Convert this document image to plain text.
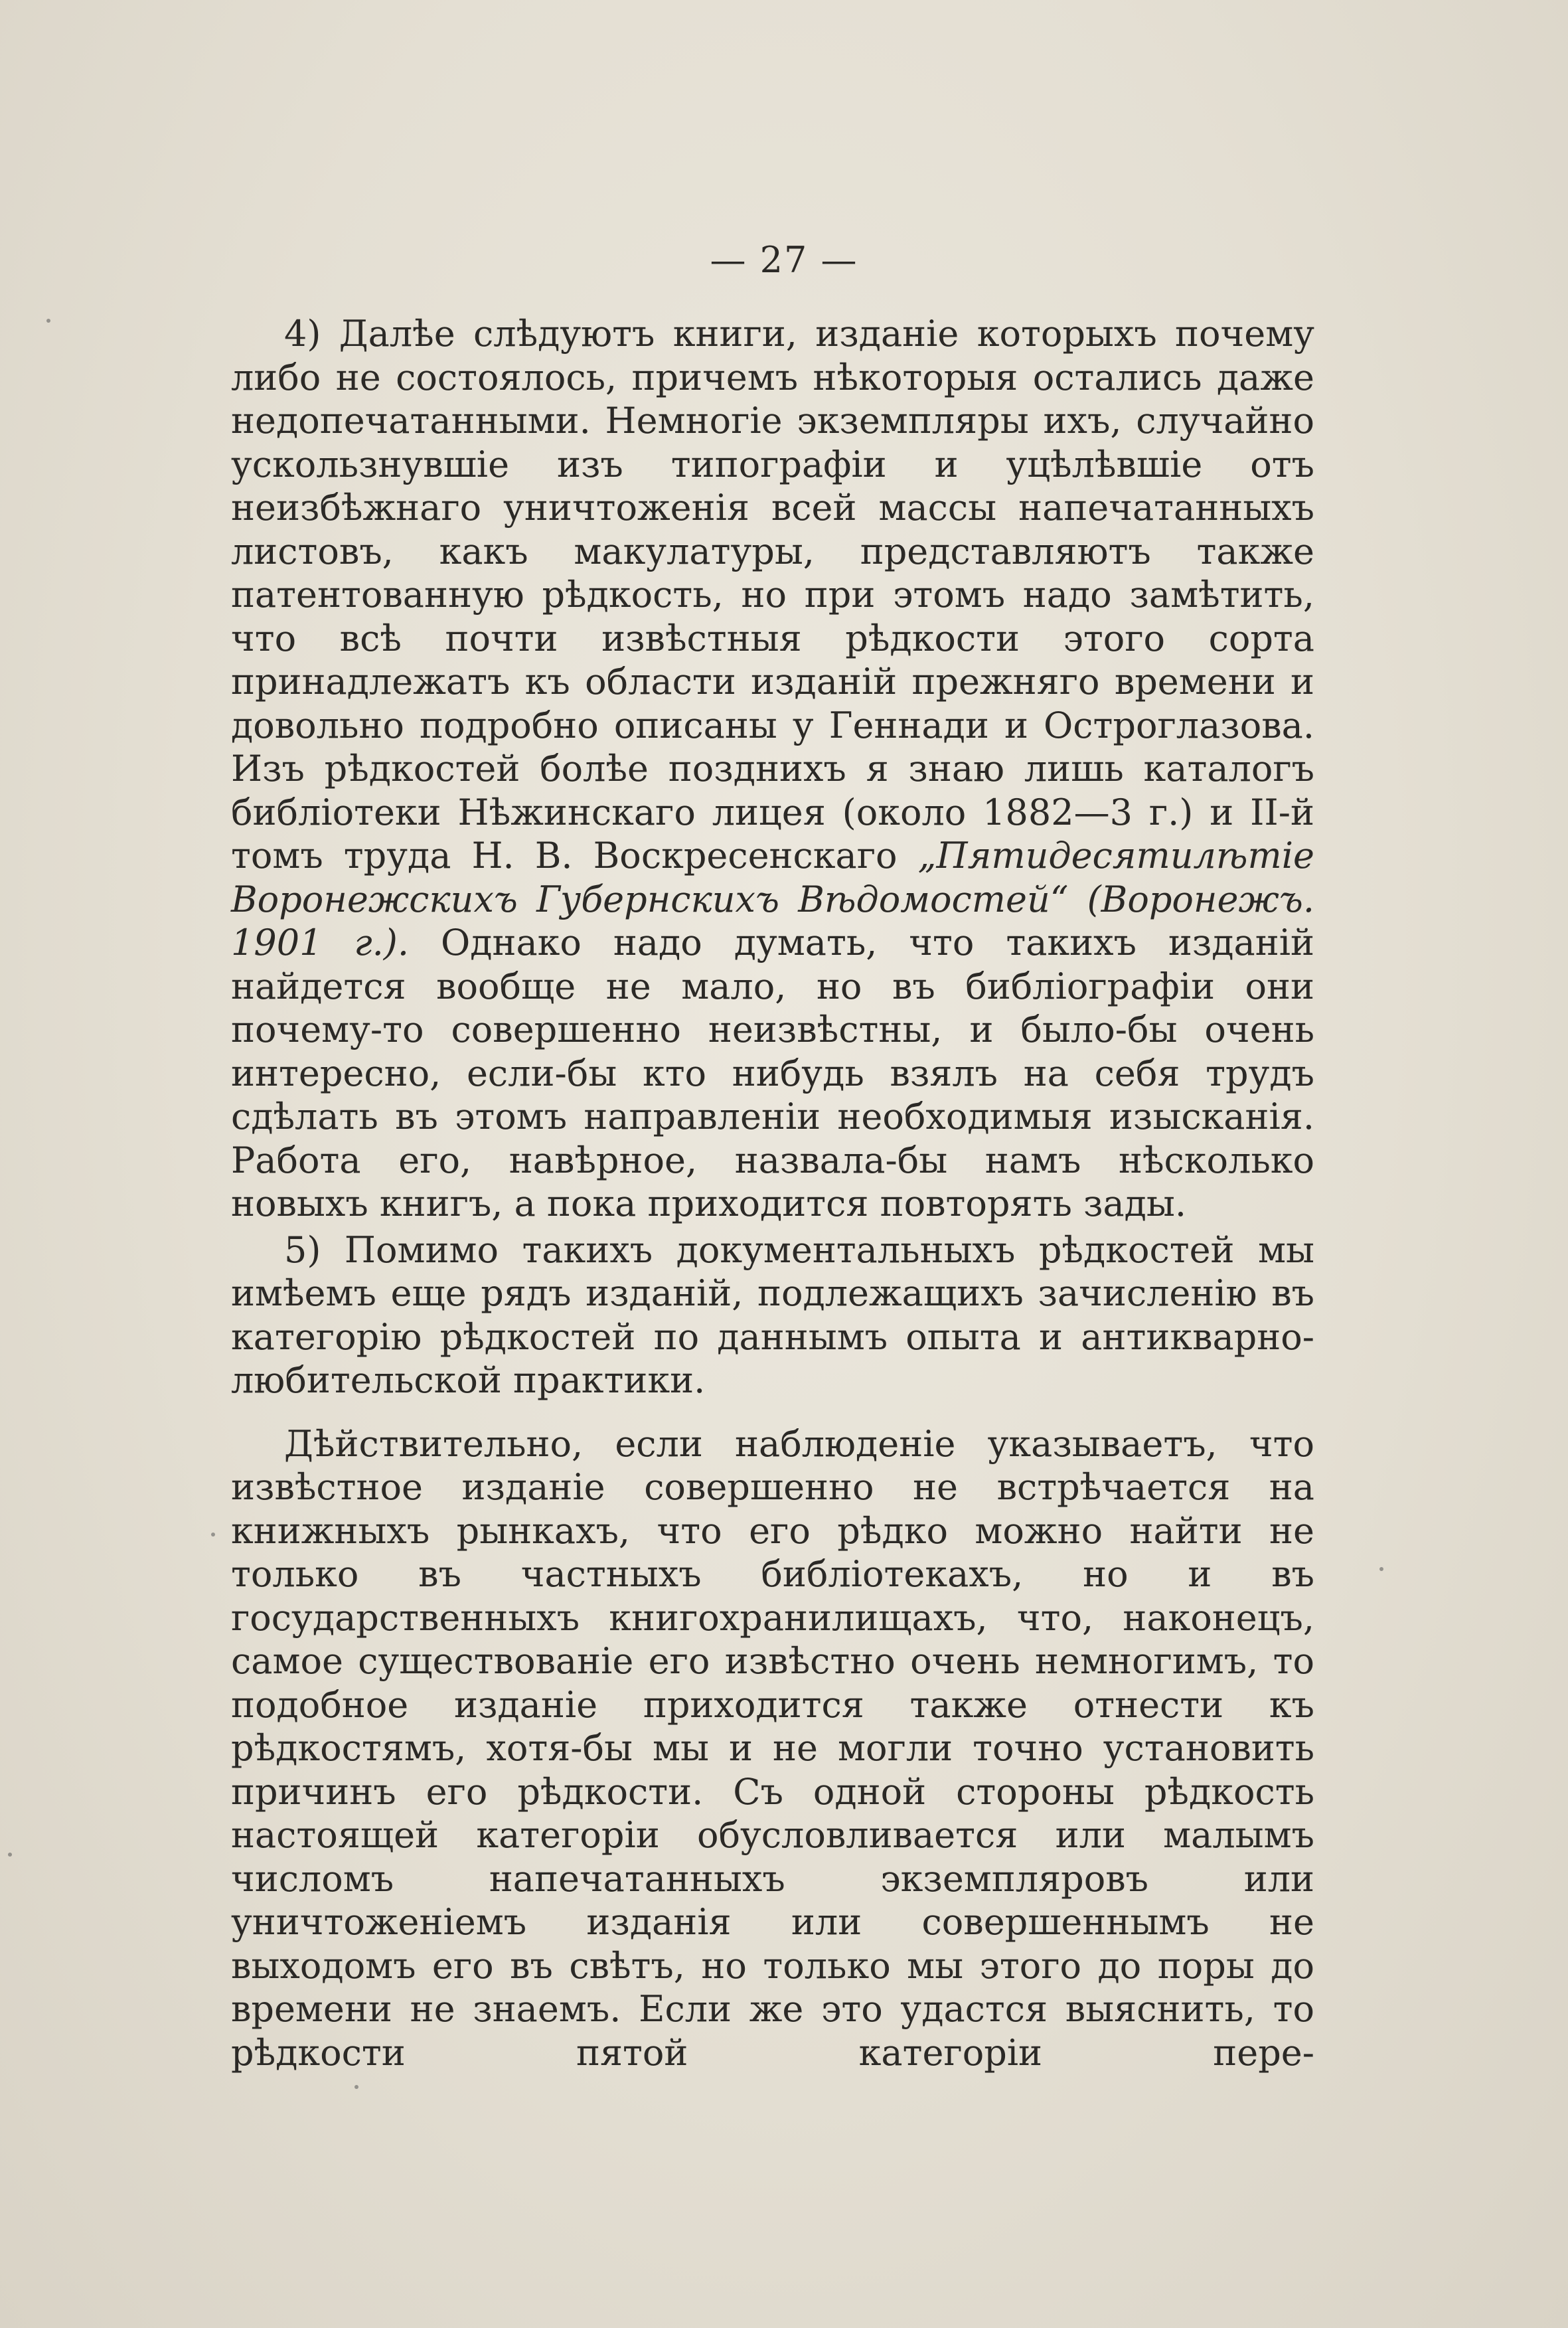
— 27 —

4) Далѣе слѣдуютъ книги, изданіе которыхъ почему либо не состоялось, причемъ нѣкоторыя остались даже недопечатанными. Немногіе экземпляры ихъ, случайно ускользнувшіе изъ типографіи и уцѣлѣвшіе отъ неизбѣжнаго уничтоженія всей массы напечатанныхъ листовъ, какъ макулатуры, представляютъ также патентованную рѣдкость, но при этомъ надо замѣтить, что всѣ почти извѣстныя рѣдкости этого сорта принадлежатъ къ области изданій прежняго времени и довольно подробно описаны у Геннади и Остроглазова. Изъ рѣдкостей болѣе позднихъ я знаю лишь каталогъ библіотеки Нѣжинскаго лицея (около 1882—3 г.) и II-й томъ труда Н. В. Воскресенскаго „Пятидесятилѣтіе Воронежскихъ Губернскихъ Вѣдомостей“ (Воронежъ. 1901 г.). Однако надо думать, что такихъ изданій найдется вообще не мало, но въ библіографіи они почему-то совершенно неизвѣстны, и было-бы очень интересно, если-бы кто нибудь взялъ на себя трудъ сдѣлать въ этомъ направленіи необходимыя изысканія. Работа его, навѣрное, назвала-бы намъ нѣсколько новыхъ книгъ, а пока приходится повторять зады.

5) Помимо такихъ документальныхъ рѣдкостей мы имѣемъ еще рядъ изданій, подлежащихъ зачисленію въ категорію рѣдкостей по даннымъ опыта и антикварно-любительской практики.

Дѣйствительно, если наблюденіе указываетъ, что извѣстное изданіе совершенно не встрѣчается на книжныхъ рынкахъ, что его рѣдко можно найти не только въ частныхъ библіотекахъ, но и въ государственныхъ книгохранилищахъ, что, наконецъ, самое существованіе его извѣстно очень немногимъ, то подобное изданіе приходится также отнести къ рѣдкостямъ, хотя-бы мы и не могли точно установить причинъ его рѣдкости. Съ одной стороны рѣдкость настоящей категоріи обусловливается или малымъ числомъ напечатанныхъ экземпляровъ или уничтоженіемъ изданія или совершеннымъ не выходомъ его въ свѣтъ, но только мы этого до поры до времени не знаемъ. Если же это удастся выяснить, то рѣдкости пятой категоріи пере-
